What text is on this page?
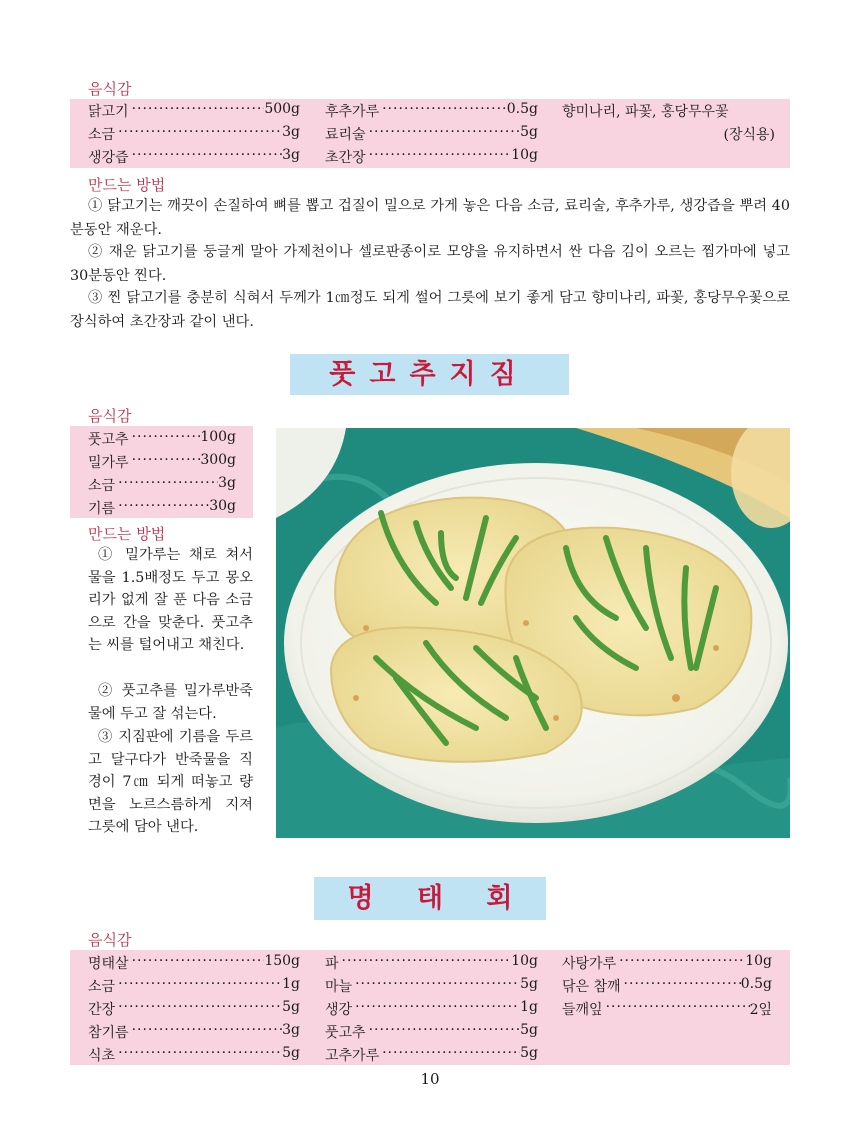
음식감
닭고기 ·····	500g
소금 ·····	3g
생강즙 ·····	3g
후추가루 ·····	0.5g
료리술 ·····	5g
초간장 ·····	10g
향미나리, 파꽃, 홍당무우꽃
(장식용)
만드는 방법
① 닭고기는 깨끗이 손질하여 뼈를 뽑고 겁질이 밀으로 가게 놓은 다음 소금, 료리술, 후추가루, 생강즙을 뿌려 40분동안 재운다.
② 재운 닭고기를 둥글게 말아 가제천이나 셀로판종이로 모양을 유지하면서 싼 다음 김이 오르는 찜가마에 넣고 30분동안 찐다.
③ 찐 닭고기를 충분히 식혀서 두께가 1㎝정도 되게 썰어 그릇에 보기 좋게 담고 향미나리, 파꽃, 홍당무우꽃으로 장식하여 초간장과 같이 낸다.
풋고추지짐
음식감
풋고추 ·····	100g
밀가루 ·····	300g
소금 ·····	3g
기름 ·····	30g
만드는 방법
① 밀가루는 채로 쳐서 물을 1.5배정도 두고 몽오리가 없게 잘 푼 다음 소금으로 간을 맞춘다. 풋고추는 씨를 털어내고 채친다.
② 풋고추를 밀가루반죽물에 두고 잘 섞는다.
③ 지짐판에 기름을 두르고 달구다가 반죽물을 직경이 7㎝ 되게 떠놓고 량면을 노르스름하게 지져 그릇에 담아 낸다.
명 태 회
음식감
명태살 ·····	150g
소금 ·····	1g
간장 ·····	5g
참기름 ·····	3g
식초 ·····	5g
파 ·····	10g
마늘 ·····	5g
생강 ·····	1g
풋고추 ·····	5g
고추가루 ·····	5g
사탕가루 ·····	10g
닦은 참깨 ·····	0.5g
들깨잎 ·····	2잎
10
